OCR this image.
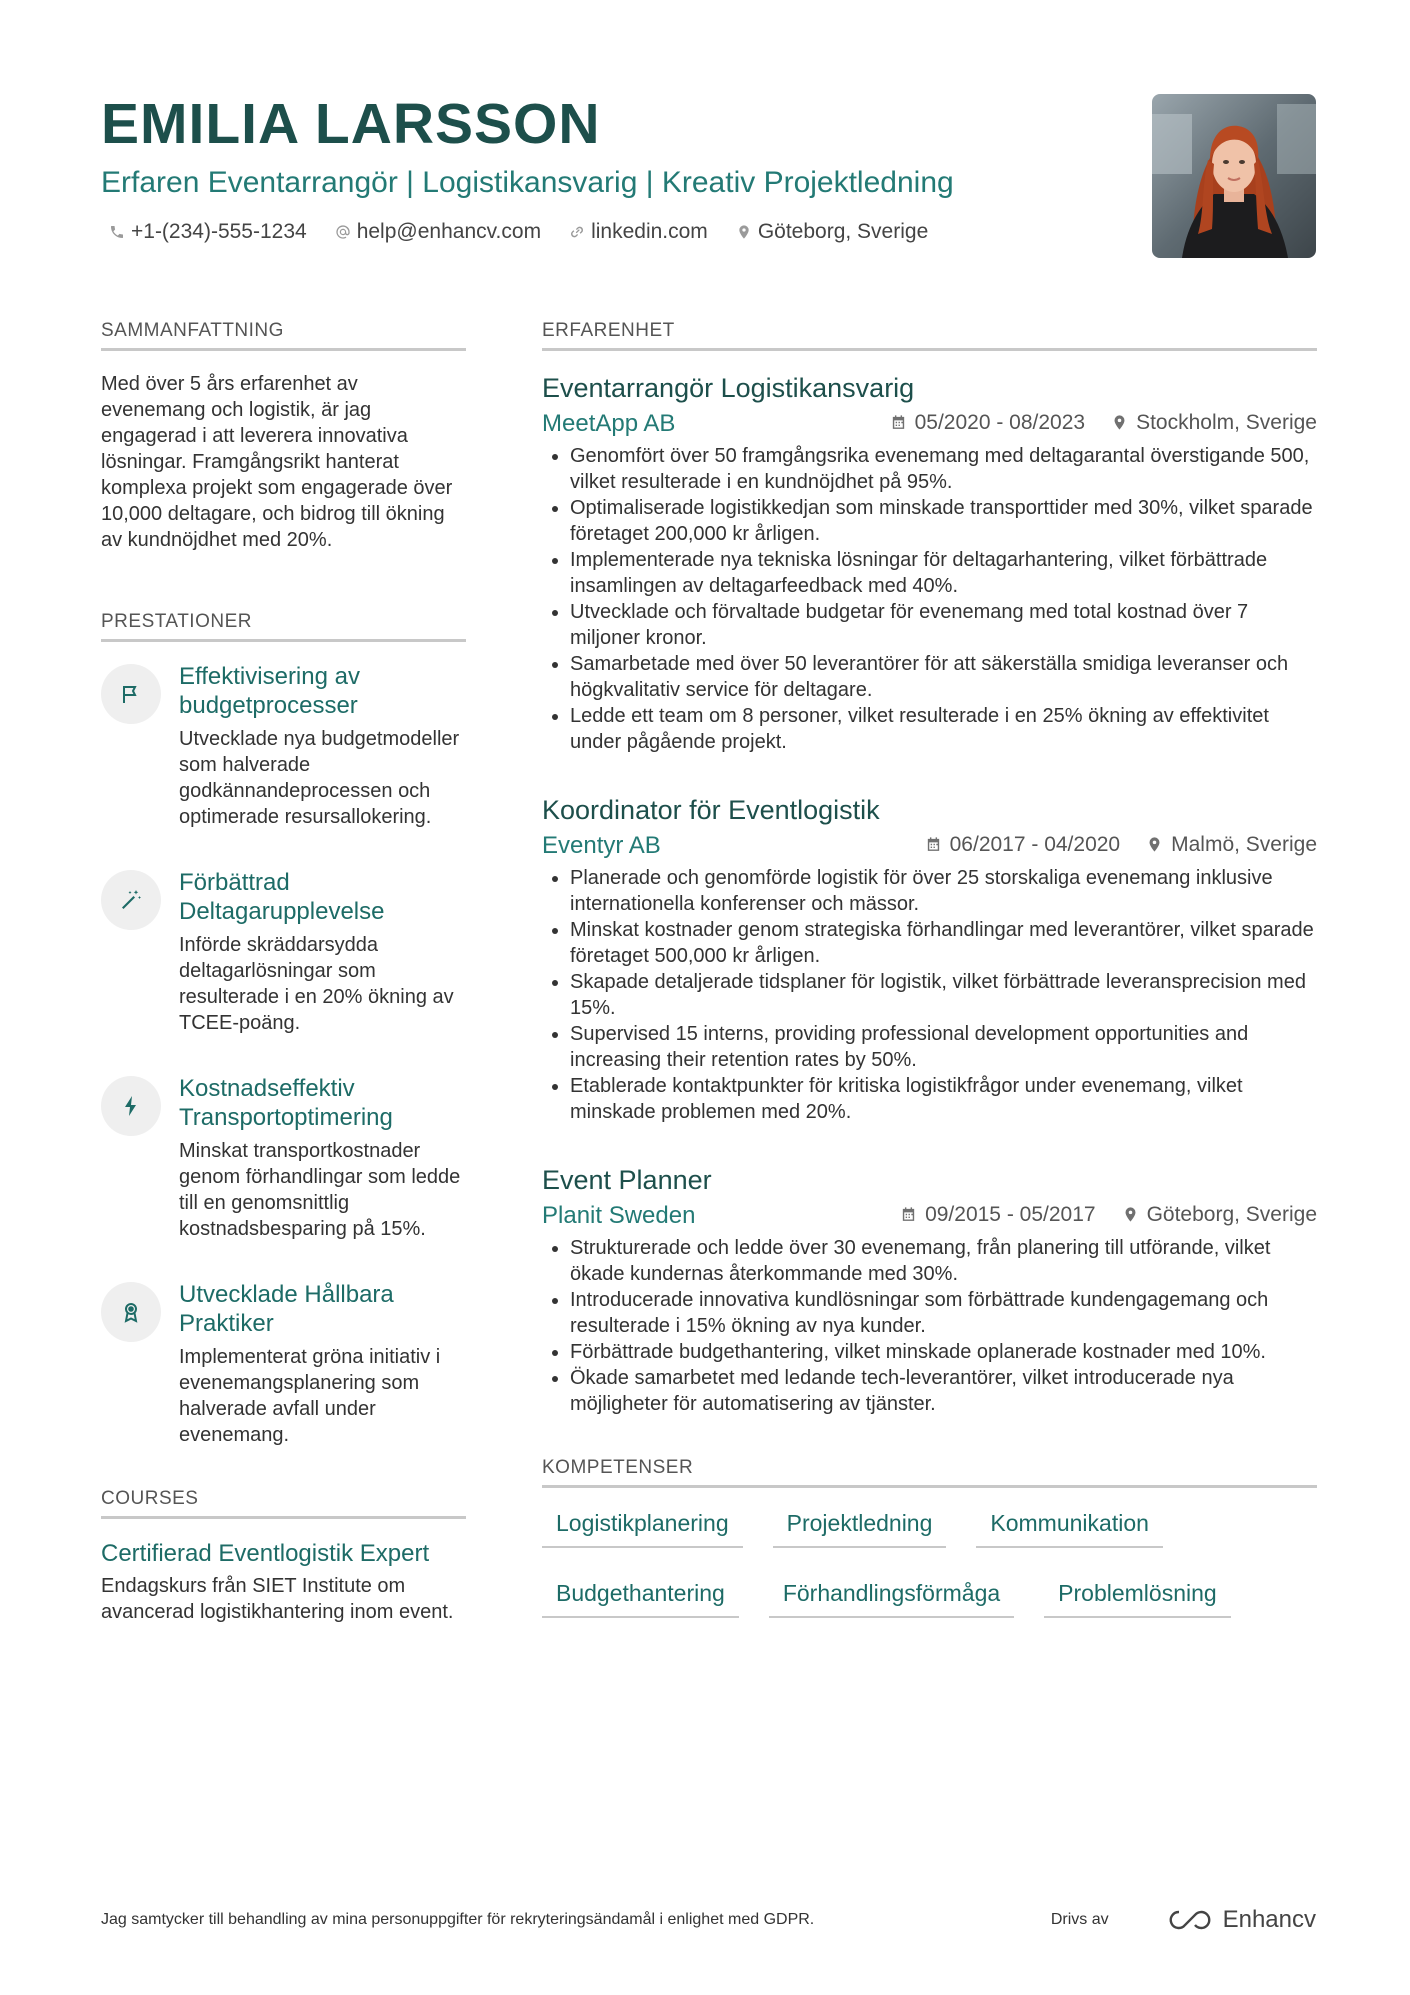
EMILIA LARSSON
Erfaren Eventarrangör | Logistikansvarig | Kreativ Projektledning
+1-(234)-555-1234 help@enhancv.com linkedin.com Göteborg, Sverige
SAMMANFATTNING

Med över 5 års erfarenhet av evenemang och logistik, är jag engagerad i att leverera innovativa lösningar. Framgångsrikt hanterat komplexa projekt som engagerade över 10,000 deltagare, och bidrog till ökning av kundnöjdhet med 20%.

PRESTATIONER
Effektivisering av budgetprocesser
Utvecklade nya budgetmodeller som halverade godkännandeprocessen och optimerade resursallokering.
Förbättrad Deltagarupplevelse
Införde skräddarsydda deltagarlösningar som resulterade i en 20% ökning av TCEE-poäng.
Kostnadseffektiv Transportoptimering
Minskat transportkostnader genom förhandlingar som ledde till en genomsnittlig kostnadsbesparing på 15%.
Utvecklade Hållbara Praktiker
Implementerat gröna initiativ i evenemangsplanering som halverade avfall under evenemang.
COURSES
Certifierad Eventlogistik Expert
Endagskurs från SIET Institute om avancerad logistikhantering inom event.
ERFARENHET
Eventarrangör Logistikansvarig
MeetApp AB	05/2020 - 08/2023 Stockholm, Sverige
• Genomfört över 50 framgångsrika evenemang med deltagarantal överstigande 500, vilket resulterade i en kundnöjdhet på 95%.
• Optimaliserade logistikkedjan som minskade transporttider med 30%, vilket sparade företaget 200,000 kr årligen.
• Implementerade nya tekniska lösningar för deltagarhantering, vilket förbättrade insamlingen av deltagarfeedback med 40%.
• Utvecklade och förvaltade budgetar för evenemang med total kostnad över 7 miljoner kronor.
• Samarbetade med över 50 leverantörer för att säkerställa smidiga leveranser och högkvalitativ service för deltagare.
• Ledde ett team om 8 personer, vilket resulterade i en 25% ökning av effektivitet under pågående projekt.
Koordinator för Eventlogistik
Eventyr AB	06/2017 - 04/2020 Malmö, Sverige
• Planerade och genomförde logistik för över 25 storskaliga evenemang inklusive internationella konferenser och mässor.
• Minskat kostnader genom strategiska förhandlingar med leverantörer, vilket sparade företaget 500,000 kr årligen.
• Skapade detaljerade tidsplaner för logistik, vilket förbättrade leveransprecision med 15%.
• Supervised 15 interns, providing professional development opportunities and increasing their retention rates by 50%.
• Etablerade kontaktpunkter för kritiska logistikfrågor under evenemang, vilket minskade problemen med 20%.
Event Planner
Planit Sweden	09/2015 - 05/2017 Göteborg, Sverige
• Strukturerade och ledde över 30 evenemang, från planering till utförande, vilket ökade kundernas återkommande med 30%.
• Introducerade innovativa kundlösningar som förbättrade kundengagemang och resulterade i 15% ökning av nya kunder.
• Förbättrade budgethantering, vilket minskade oplanerade kostnader med 10%.
• Ökade samarbetet med ledande tech-leverantörer, vilket introducerade nya möjligheter för automatisering av tjänster.
KOMPETENSER
Logistikplanering	Projektledning	Kommunikation
Budgethantering	Förhandlingsförmåga	Problemlösning
Jag samtycker till behandling av mina personuppgifter för rekryteringsändamål i enlighet med GDPR.	Drivs av	Enhancv
